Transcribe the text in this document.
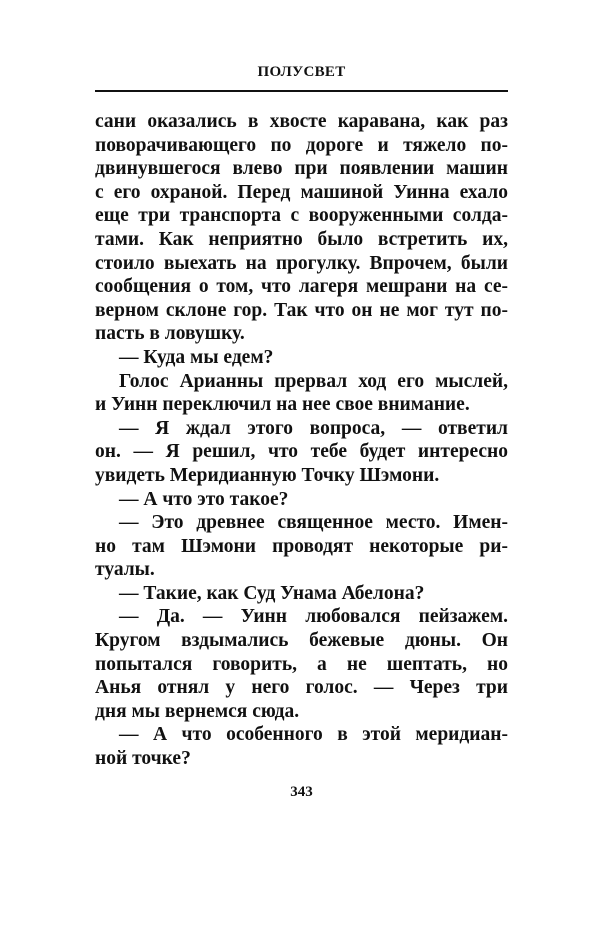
ПОЛУСВЕТ
сани оказались в хвосте каравана, как раз
поворачивающего по дороге и тяжело по-
двинувшегося влево при появлении машин
с его охраной. Перед машиной Уинна ехало
еще три транспорта с вооруженными солда-
тами. Как неприятно было встретить их,
стоило выехать на прогулку. Впрочем, были
сообщения о том, что лагеря мешрани на се-
верном склоне гор. Так что он не мог тут по-
пасть в ловушку.
— Куда мы едем?
Голос Арианны прервал ход его мыслей,
и Уинн переключил на нее свое внимание.
— Я ждал этого вопроса, — ответил
он. — Я решил, что тебе будет интересно
увидеть Меридианную Точку Шэмони.
— А что это такое?
— Это древнее священное место. Имен-
но там Шэмони проводят некоторые ри-
туалы.
— Такие, как Суд Унама Абелона?
— Да. — Уинн любовался пейзажем.
Кругом вздымались бежевые дюны. Он
попытался говорить, а не шептать, но
Анья отнял у него голос. — Через три
дня мы вернемся сюда.
— А что особенного в этой меридиан-
ной точке?
343
